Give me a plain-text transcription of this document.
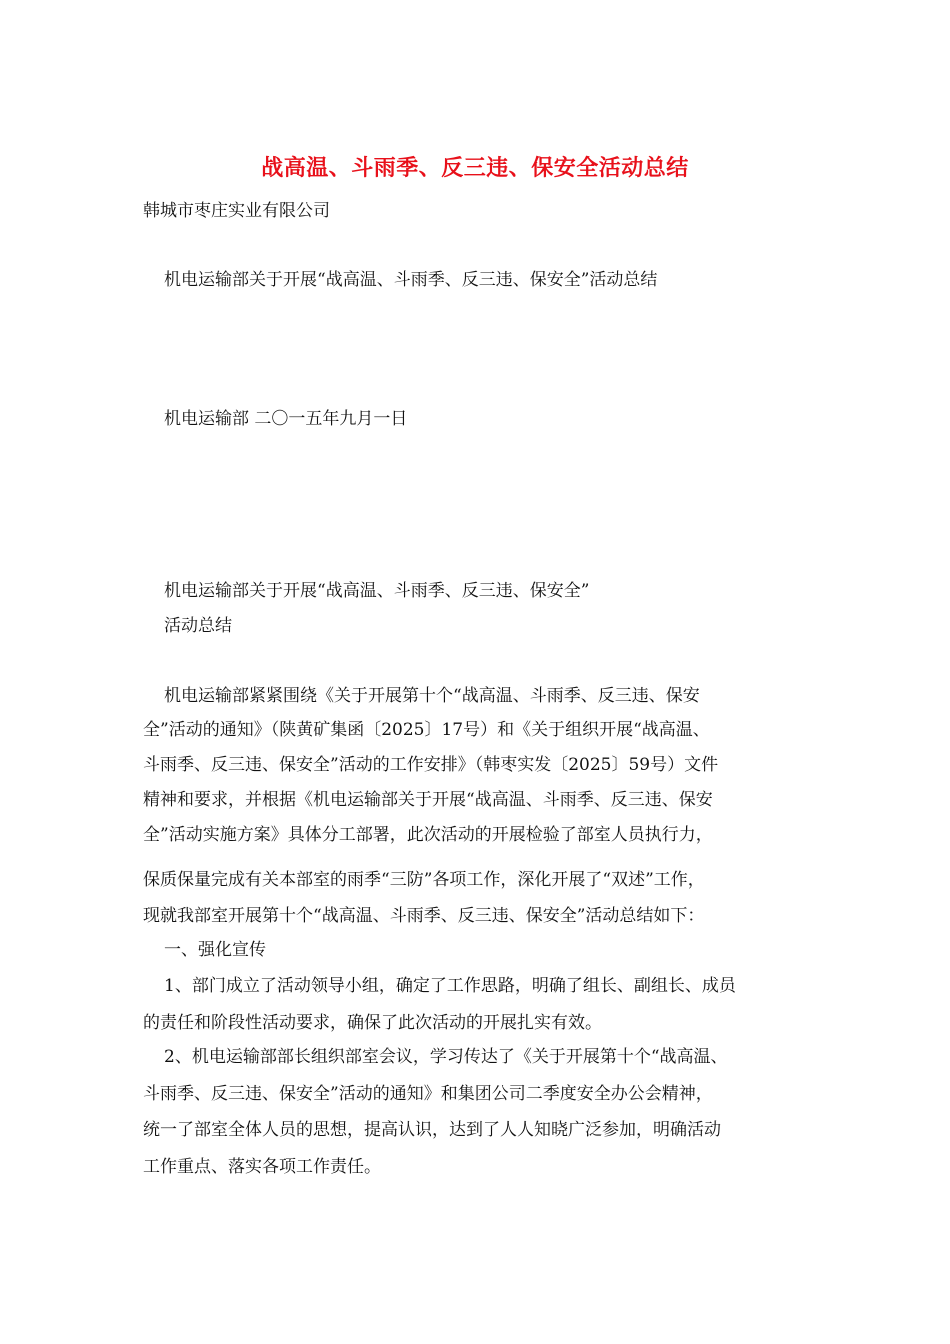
战高温、斗雨季、反三违、保安全活动总结
韩城市枣庄实业有限公司
机电运输部关于开展“战高温、斗雨季、反三违、保安全”活动总结
机电运输部 二〇一五年九月一日
机电运输部关于开展“战高温、斗雨季、反三违、保安全”
活动总结
机电运输部紧紧围绕《关于开展第十个“战高温、斗雨季、反三违、保安
全”活动的通知》（陕黄矿集函〔2025〕17号）和《关于组织开展“战高温、
斗雨季、反三违、保安全”活动的工作安排》（韩枣实发〔2025〕59号）文件
精神和要求，并根据《机电运输部关于开展“战高温、斗雨季、反三违、保安
全”活动实施方案》具体分工部署，此次活动的开展检验了部室人员执行力，
保质保量完成有关本部室的雨季“三防”各项工作，深化开展了“双述”工作，
现就我部室开展第十个“战高温、斗雨季、反三违、保安全”活动总结如下：
一、强化宣传
1、部门成立了活动领导小组，确定了工作思路，明确了组长、副组长、成员
的责任和阶段性活动要求，确保了此次活动的开展扎实有效。
2、机电运输部部长组织部室会议，学习传达了《关于开展第十个“战高温、
斗雨季、反三违、保安全”活动的通知》和集团公司二季度安全办公会精神，
统一了部室全体人员的思想，提高认识，达到了人人知晓广泛参加，明确活动
工作重点、落实各项工作责任。
